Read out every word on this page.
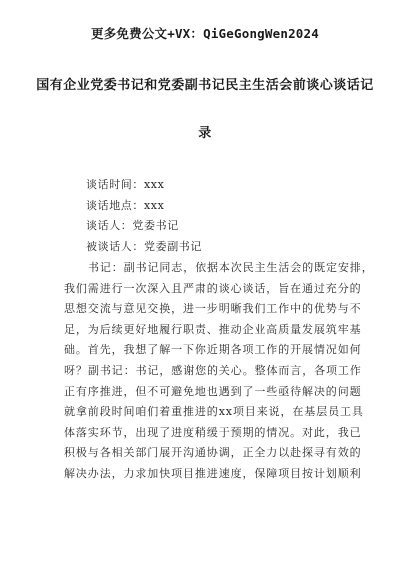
更多免费公文+VX：QiGeGongWen2024
国有企业党委书记和党委副书记民主生活会前谈心谈话记
录
谈话时间：xxx
谈话地点：xxx
谈话人：党委书记
被谈话人：党委副书记
书记：副书记同志，依据本次民主生活会的既定安排，
我们需进行一次深入且严肃的谈心谈话，旨在通过充分的
思想交流与意见交换，进一步明晰我们工作中的优势与不
足，为后续更好地履行职责、推动企业高质量发展筑牢基
础。首先，我想了解一下你近期各项工作的开展情况如何
呀？ 副书记：书记，感谢您的关心。整体而言，各项工作
正有序推进，但不可避免地也遇到了一些亟待解决的问题
就拿前段时间咱们着重推进的xx项目来说，在基层员工具
体落实环节，出现了进度稍缓于预期的情况。对此，我已
积极与各相关部门展开沟通协调，正全力以赴探寻有效的
解决办法，力求加快项目推进速度，保障项目按计划顺利
